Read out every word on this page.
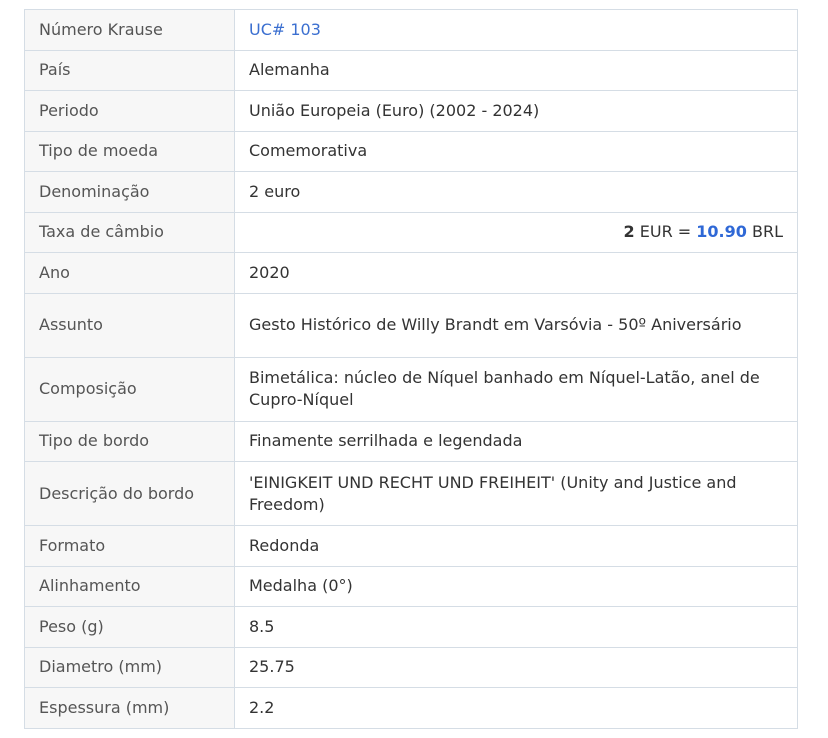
Número Krause	UC# 103
País	Alemanha
Periodo	União Europeia (Euro) (2002 - 2024)
Tipo de moeda	Comemorativa
Denominação	2 euro
Taxa de câmbio	2 EUR = 10.90 BRL
Ano	2020
Assunto	Gesto Histórico de Willy Brandt em Varsóvia - 50º Aniversário
Composição	Bimetálica: núcleo de Níquel banhado em Níquel-Latão, anel de Cupro-Níquel
Tipo de bordo	Finamente serrilhada e legendada
Descrição do bordo	'EINIGKEIT UND RECHT UND FREIHEIT' (Unity and Justice and Freedom)
Formato	Redonda
Alinhamento	Medalha (0°)
Peso (g)	8.5
Diametro (mm)	25.75
Espessura (mm)	2.2
